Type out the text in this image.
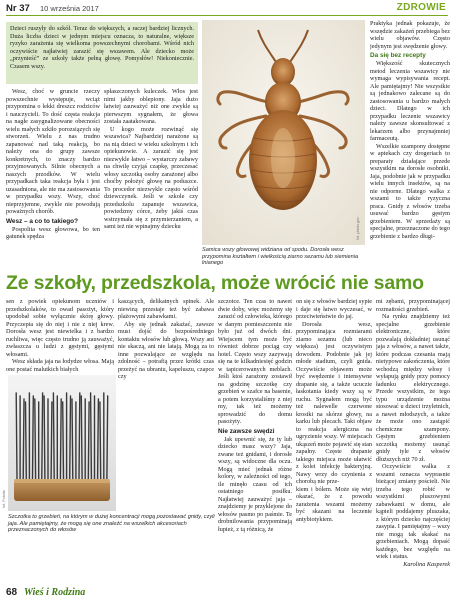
Nr 37 10 września 2017	ZDROWIE
Dzieci ruszyły do szkół. Teraz do większych, a raczej bardziej licznych. Duża liczba dzieci w jednym miejscu oznacza, to naturalne, większe ryzyko zarażenia się wielkoma powszechnymi chorobami. Wśród nich oczywiście najłatwiej zarazić się wszawem. Ale dziecko może „przynieść” ze szkoły także pełną głowę. Pomysłów! Niekoniecznie. Czasem wszy.

Wesz, choć w gruncie rzeczy powszechnie występuje, wciąż przypomina o lekki dreszcz rodziców i nauczycieli. To dość częsta reakcja na nagłe zasygnalizowane obecności wielu małych szkiło porozsiązych się stworzeń. Wielu z nas trudno zapanować nad taką reakcją, bo należy ona do grupy zawsze konkretnych, to znaczy bardzo przyjmowanych. Silnie obecnych a naszych przodków. W wielu przypadkach taka reakcja była i jest uzasadniona, ale nie ma zastosowania w przypadku wszy. Wszy, choć nieprzyjemne, zwykle nie powodują poważnych chorób.

Wesz – a co to takiego?

Pospolita wesz głowowa, bo ten gatunek spędza

spłaszczonych kuleczek. Włos jest nimi jakby oblepiony. Jaja dużo łatwiej zauważyć niż one zwykle są pierwszym sygnałem, że głowa została zaatakowana.

U kogo może rozwinąć się wszawica? Najbardziej narażone są na nią dzieci w wieku szkolnym i ich opiekunowie. A zarazić się jest niezwykle łatwo – wystarczy zabawy na chwilę czyjąś czapkę, przeczesać włosy szczotką osoby zarażonej albo choćby położyć głowę na poduszce. To procedor niezwykle często wśród dziewczynek. Jeśli w szkole czy przedszkolu zapanuje wszawica, powiedzmy córce, żeby jakiś czas wstrzymała się z przymierzaniem, a sami też nie wpinajmy dziecku	fot. photo.gov
Samica wszy głowowej widziana od spodu. Dorosła wesz przypomina kształtem i wielkością ziarno sezamu lub siemienia lnianego

Praktyka jednak pokazuje, że wszędzie zakażeń przebiega bez wielu objawów. Często jedynym jest swędzenie głowy.

Da się bez recepty

Większość skutecznych metod leczenia wszawicy nie wymaga wypisywania recept. Ale pamiętajmy! Nie wszystkie są jednakowo zalecane są do zastosowania u bardzo małych dzieci. Dlatego w ich przypadku leczenie wszawicy należy zawsze skonsultować z lekarzem albo przynajmniej farmaceutą.

Wszelkie szampony dostępne w aptekach czy drogeriach to preparaty działające przede wszystkim na dorosłe osobniki. Jaja, podobnie jak w przypadku wielu innych insektów, są na nie odporne. Dlatego walka z wszami to także ryzyczna praca. Gnidy z włosów trzeba usuwać bardzo gęstym grzebieniem. W sprzedaży są specjalne, przeznaczone do tego grzebienie z bardzo długi-

Ze szkoły, przedszkola, może wrócić nie samo

sen z powiek opiekunom uczniów i przedszkolaków, to owad pasożyt, który upodobał sobie wyłącznie skórę głowy. Przyczepia się do niej i nie z niej krew. Dorosła wesz jest niewielka i z bardzo ruchliwa, więc często trudno ją zauważyć, zwłaszcza u ludzi z gęstymi, gęstymi włosami.

Wesz składa jaja na łodydze włosa. Mają one postać malutkich białych

kaszących, delikatnych spinek. Ale niewiną przestaje też być zabawa plażowymi zabawkami.

Aby się jednak zakażać, zawsze musi dojść do bezpośredniego kontaktu włosów lub głową. Wszy ani nie skaczą, ani nie latają. Mogą za to inne pozwalające ze względu na zdolność – potrafią przez krótki czas przeżyć na ubraniu, kapeluszu, czapce czy

szczotce. Ten czas to nawet dwie doby, więc możemy się zarazić od człowieka, którego w danym pomieszczeniu nie było już od dwóch dni. Wiejscem tym może być również dobrze pociąg czy hotel. Często wszy zazywają się na te kilkadniesięć godzin w tapicerowanych meblach. Jeśli ktoś zarażony zostawił na godzinę szczotkę czy grzebień w szafce na basenie, a potem korzystaliśmy z niej my, tak też możemy sprowadzić do domu pasożyty.

Nie zawsze swędzi

Jak upewnić się, że ty lub dziecko masz wszy? Jaja, zwane też gnidami, i dorosłe wszy, są widoczne dla oczu. Mogą mieć jednak różne kolory, w zależności od tego, ile minęło czasu od ich ostatniego posiłku. Najłatwiej zauważyć jaja – znajdziemy je przyklejone do włosów pasmo po paśmie. Te drobnilowania przypominają łupież, z tą różnicą, że

on się z włosów bardziej sypie i daje się łatwo wyczesać, w przeciwieństwie do jaj.

Dorosła wesz, przypominająca rozmiarami ziarno sezamu (lub nieco większa) jest oczywistym dowodem. Podobnie jak jej młode stadium, czyli gnida. Oczywiście objawem może być swędzenie i intensywne drapanie się, a także ucuczie łaskotania kiedy wszy są w ruchu. Sygnałem mogą być też nalewelle czerwone krostki na skórze głowy, na karku lub plecach. Taki objaw to reakcja alergiczna na ugryzienie wszy. W miejscach ukąszeń może pojawić się stan zapalny. Częste drapanie takiego miejsca może ułatwić z kolei infekcję bakteryjną. Nawy wrzy do czynienia z chorobą nie prze-

kiem i bólem. Może się wtej okazać, że z powodu zarażenia wszami możemy być skazani na leczenie antybiotykiem.

mi zębami, przypominającej rozmaitości grzebień.

Na rynku znajdziemy też specjalne grzebienie elektroniczne, które pozwalają dokładniej usunąć jaja z włosów, a nawet także, które podczas czesania mają nietypowe zakończenia, które wchodzą między włosy i wyłapują gnidy przy pomocy ładunku elektrycznego. Przede wszystkim, że tego typu urządzenie można stosować u dzieci trzyletnich, a nawet młodszych, a także że może ono zastąpić chemiczne szampony. Gęstym grzebieniem szczotką możemy usunąć gnidy tyle z włosów dłuższych niż 70 zł.

Oczywiście walka z wszami oznacza wyprasnie bieżącej zmiany pościeli. Nie trzeba tego robić w wszystkimi pluszowymi zabawkami w domu, ale kąpieli poddajemy pluszaka, z którym dziecko najczęściej zasypia. I pamiętajmy – wszy nie mogą tak skakać na grzebieniach. Mogą dopaść każdego, bez względu na wiek i status.

Karolina Kasperek

fot. Fotolia
Szczotka to grzebień, na którym w dużej koncentracji mogą pozostawać gnidy, czyli jaja. Ale pamiętajmy, że mogą się one znaleźć na wszelkich akcesoriach przeznaczonych do włosów
68 Wieś i Rodzina
